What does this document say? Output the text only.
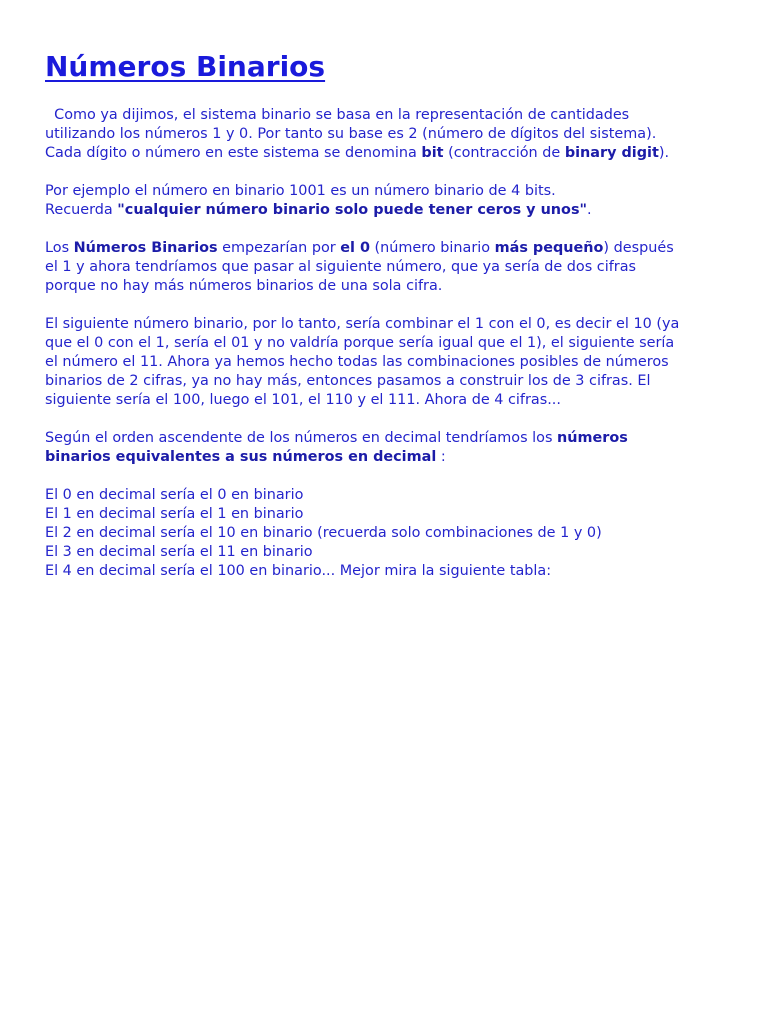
Números Binarios

Como ya dijimos, el sistema binario se basa en la representación de cantidades
utilizando los números 1 y 0. Por tanto su base es 2 (número de dígitos del sistema).
Cada dígito o número en este sistema se denomina bit (contracción de binary digit).

Por ejemplo el número en binario 1001 es un número binario de 4 bits.
Recuerda "cualquier número binario solo puede tener ceros y unos".

Los Números Binarios empezarían por el 0 (número binario más pequeño) después
el 1 y ahora tendríamos que pasar al siguiente número, que ya sería de dos cifras
porque no hay más números binarios de una sola cifra.

El siguiente número binario, por lo tanto, sería combinar el 1 con el 0, es decir el 10 (ya
que el 0 con el 1, sería el 01 y no valdría porque sería igual que el 1), el siguiente sería
el número el 11. Ahora ya hemos hecho todas las combinaciones posibles de números
binarios de 2 cifras, ya no hay más, entonces pasamos a construir los de 3 cifras. El
siguiente sería el 100, luego el 101, el 110 y el 111. Ahora de 4 cifras...

Según el orden ascendente de los números en decimal tendríamos los números
binarios equivalentes a sus números en decimal :

El 0 en decimal sería el 0 en binario
El 1 en decimal sería el 1 en binario
El 2 en decimal sería el 10 en binario (recuerda solo combinaciones de 1 y 0)
El 3 en decimal sería el 11 en binario
El 4 en decimal sería el 100 en binario... Mejor mira la siguiente tabla:
